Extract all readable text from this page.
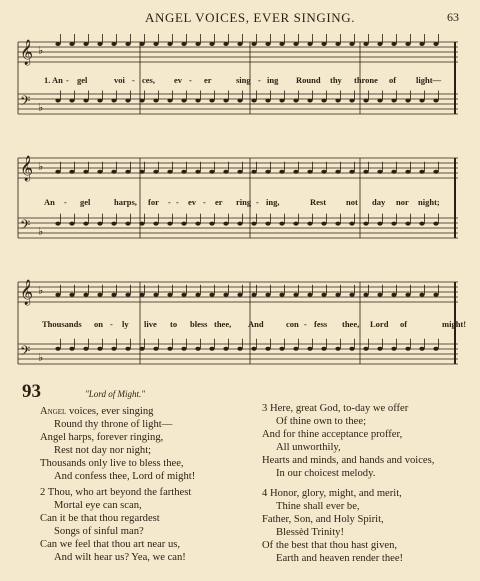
ANGEL VOICES, EVER SINGING.	63
𝄞 ♭
𝄢 ♭
1. An - gel	voi - ces, ev - er	sing - ing Round thy throne of light—
𝄞 ♭
𝄢 ♭
An - gel	harps, for - - ev - er ring - ing,	Rest not day nor night;
𝄞 ♭
𝄢 ♭
Thousands on - ly live to bless thee, And	con - fess thee, Lord of	might!
93	"Lord of Might."
Angel voices, ever singing
Round thy throne of light—
Angel harps, forever ringing,
Rest not day nor night;
Thousands only live to bless thee,
And confess thee, Lord of might!
2 Thou, who art beyond the farthest
Mortal eye can scan,
Can it be that thou regardest
Songs of sinful man?
Can we feel that thou art near us,
And wilt hear us? Yea, we can!
3 Here, great God, to-day we offer
Of thine own to thee;
And for thine acceptance proffer,
All unworthily,
Hearts and minds, and hands and voices,
In our choicest melody.
4 Honor, glory, might, and merit,
Thine shall ever be,
Father, Son, and Holy Spirit,
Blessèd Trinity!
Of the best that thou hast given,
Earth and heaven render thee!
